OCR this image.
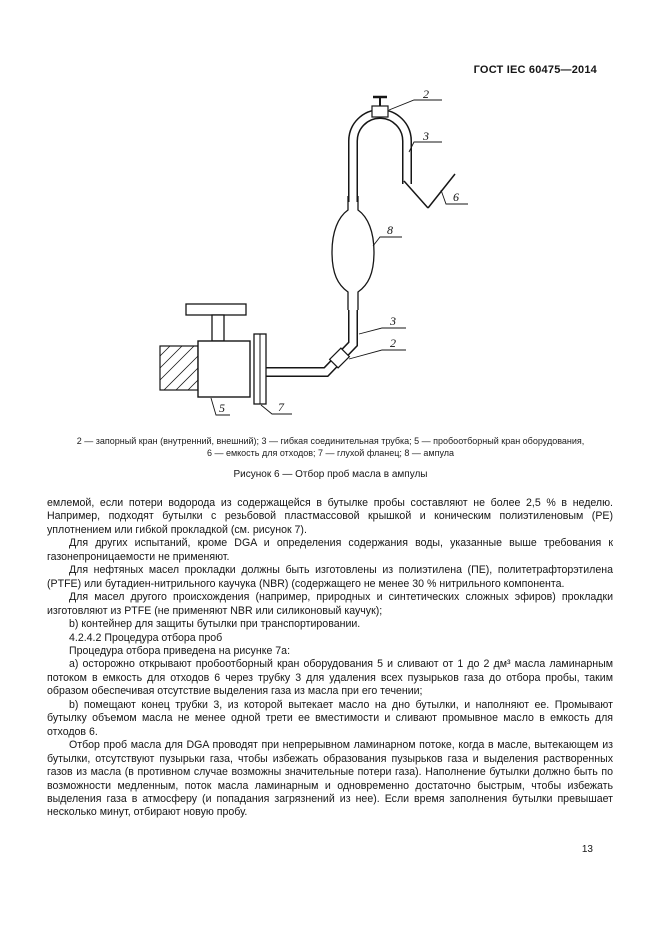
ГОСТ IEC 60475—2014
2
3
6
8
3
2
5	7
2 — запорный кран (внутренний, внешний); 3 — гибкая соединительная трубка; 5 — пробоотборный кран оборудования,
6 — емкость для отходов; 7 — глухой фланец; 8 — ампула
Рисунок 6 — Отбор проб масла в ампулы

емлемой, если потери водорода из содержащейся в бутылке пробы составляют не более 2,5 % в неделю. Например, подходят бутылки с резьбовой пластмассовой крышкой и коническим полиэтиленовым (PE) уплотнением или гибкой прокладкой (см. рисунок 7).

Для других испытаний, кроме DGA и определения содержания воды, указанные выше требования к газонепроницаемости не применяют.

Для нефтяных масел прокладки должны быть изготовлены из полиэтилена (ПЕ), политетрафторэтилена (PTFE) или бутадиен-нитрильного каучука (NBR) (содержащего не менее 30 % нитрильного компонента.

Для масел другого происхождения (например, природных и синтетических сложных эфиров) прокладки изготовляют из PTFE (не применяют NBR или силиконовый каучук);

b) контейнер для защиты бутылки при транспортировании.

4.2.4.2 Процедура отбора проб

Процедура отбора приведена на рисунке 7а:

a) осторожно открывают пробоотборный кран оборудования 5 и сливают от 1 до 2 дм³ масла ламинарным потоком в емкость для отходов 6 через трубку 3 для удаления всех пузырьков газа до отбора пробы, таким образом обеспечивая отсутствие выделения газа из масла при его течении;

b) помещают конец трубки 3, из которой вытекает масло на дно бутылки, и наполняют ее. Промывают бутылку объемом масла не менее одной трети ее вместимости и сливают промывное масло в емкость для отходов 6.

Отбор проб масла для DGA проводят при непрерывном ламинарном потоке, когда в масле, вытекающем из бутылки, отсутствуют пузырьки газа, чтобы избежать образования пузырьков газа и выделения растворенных газов из масла (в противном случае возможны значительные потери газа). Наполнение бутылки должно быть по возможности медленным, поток масла ламинарным и одновременно достаточно быстрым, чтобы избежать выделения газа в атмосферу (и попадания загрязнений из нее). Если время заполнения бутылки превышает несколько минут, отбирают новую пробу.

13
